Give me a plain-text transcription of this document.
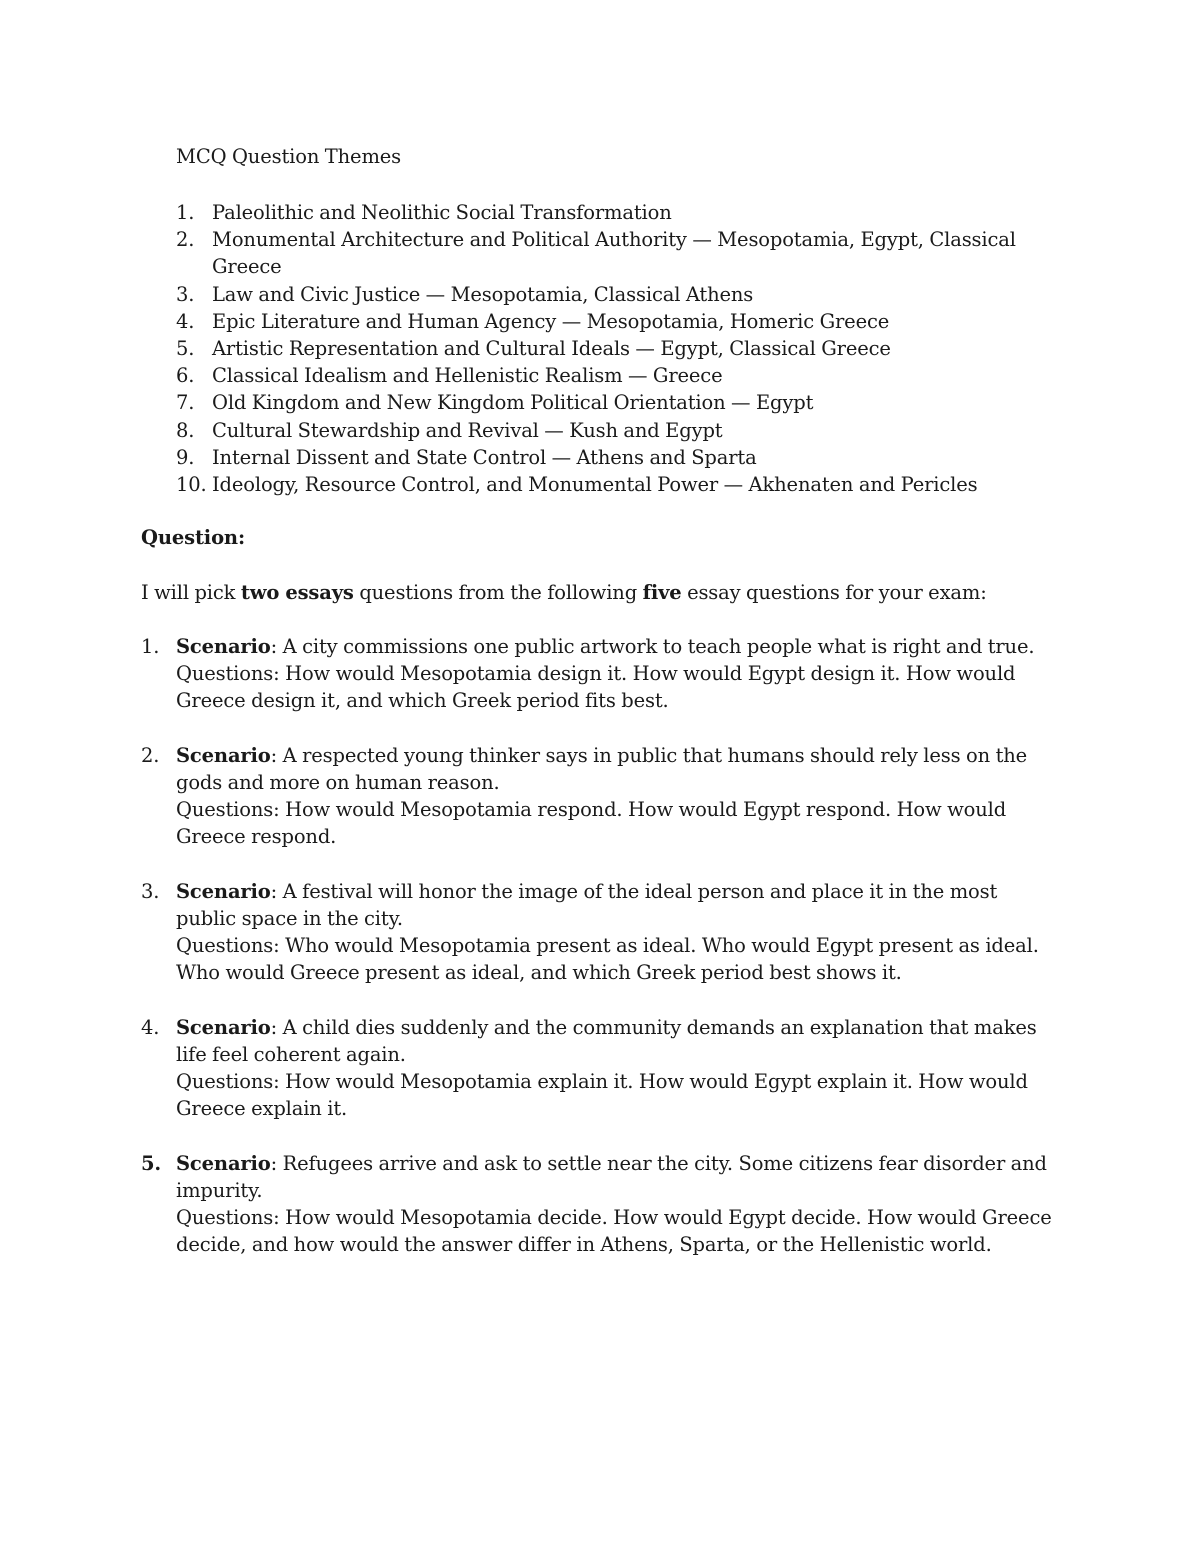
MCQ Question Themes
1. Paleolithic and Neolithic Social Transformation
2. Monumental Architecture and Political Authority — Mesopotamia, Egypt, Classical Greece
3. Law and Civic Justice — Mesopotamia, Classical Athens
4. Epic Literature and Human Agency — Mesopotamia, Homeric Greece
5. Artistic Representation and Cultural Ideals — Egypt, Classical Greece
6. Classical Idealism and Hellenistic Realism — Greece
7. Old Kingdom and New Kingdom Political Orientation — Egypt
8. Cultural Stewardship and Revival — Kush and Egypt
9. Internal Dissent and State Control — Athens and Sparta
10. Ideology, Resource Control, and Monumental Power — Akhenaten and Pericles
Question:
I will pick two essays questions from the following five essay questions for your exam:
1. Scenario: A city commissions one public artwork to teach people what is right and true.
Questions: How would Mesopotamia design it. How would Egypt design it. How would Greece design it, and which Greek period fits best.
2. Scenario: A respected young thinker says in public that humans should rely less on the gods and more on human reason.
Questions: How would Mesopotamia respond. How would Egypt respond. How would Greece respond.
3. Scenario: A festival will honor the image of the ideal person and place it in the most public space in the city.
Questions: Who would Mesopotamia present as ideal. Who would Egypt present as ideal. Who would Greece present as ideal, and which Greek period best shows it.
4. Scenario: A child dies suddenly and the community demands an explanation that makes life feel coherent again.
Questions: How would Mesopotamia explain it. How would Egypt explain it. How would Greece explain it.
5. Scenario: Refugees arrive and ask to settle near the city. Some citizens fear disorder and impurity.
Questions: How would Mesopotamia decide. How would Egypt decide. How would Greece decide, and how would the answer differ in Athens, Sparta, or the Hellenistic world.
